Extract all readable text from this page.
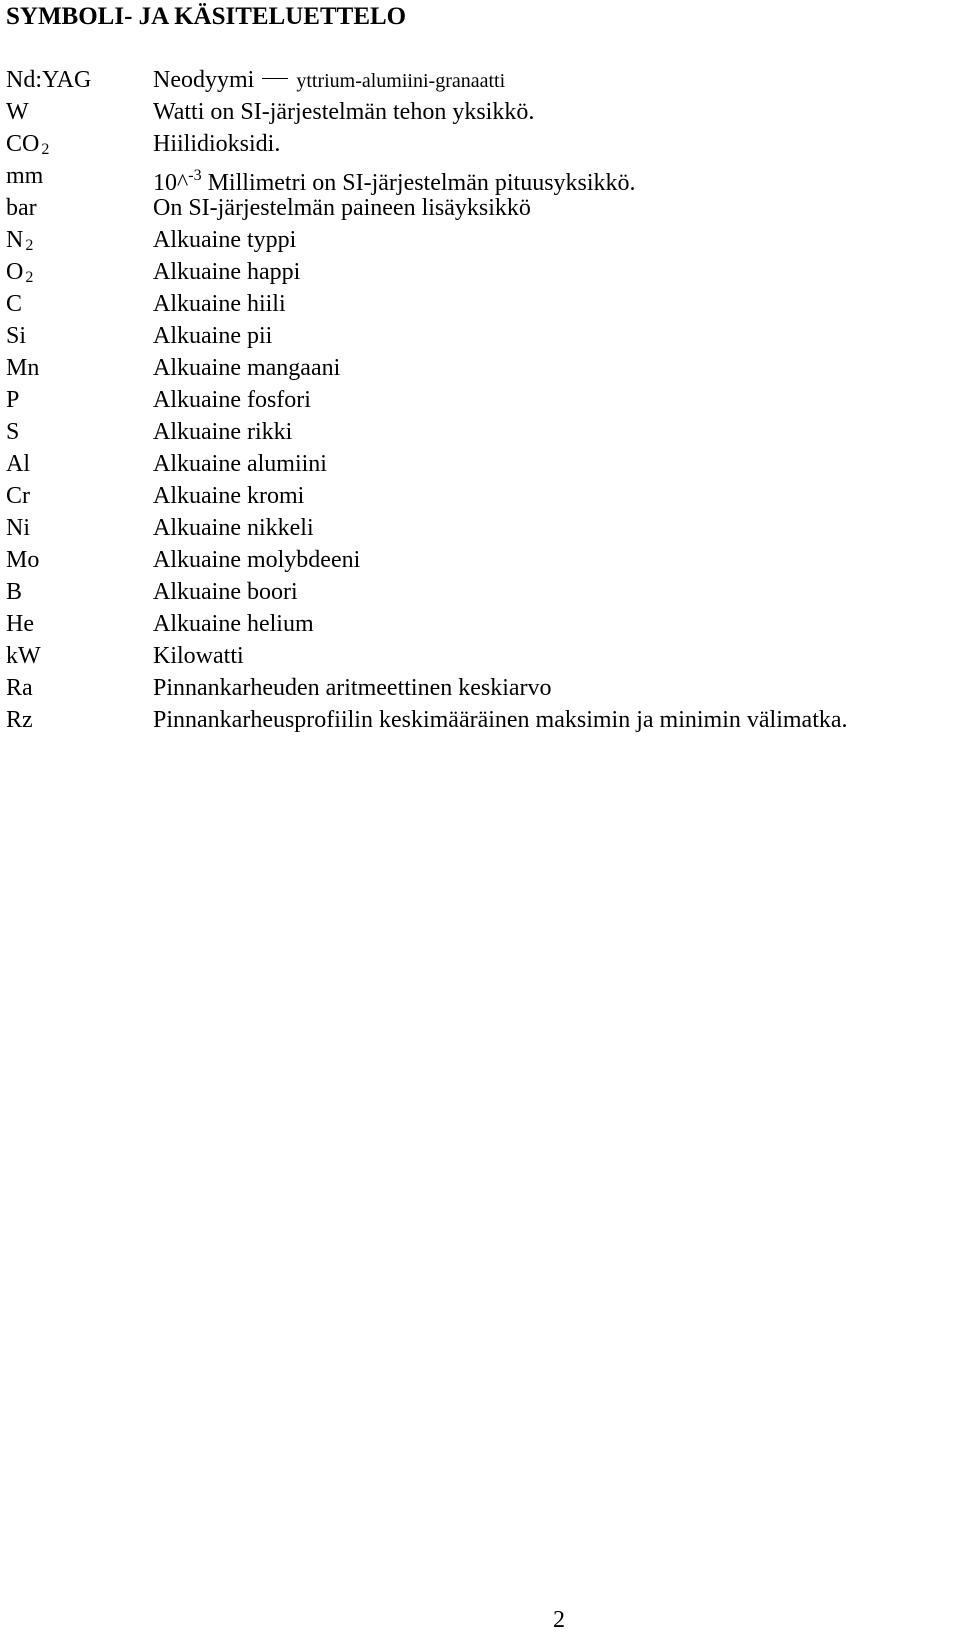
SYMBOLI- JA KÄSITELUETTELO
Nd:YAG	Neodyymi yttrium-alumiini-granaatti
W	Watti on SI-järjestelmän tehon yksikkö.
CO 2	Hiilidioksidi.
mm	10^$^{-3}$ Millimetri on SI-järjestelmän pituusyksikkö.
bar	On SI-järjestelmän paineen lisäyksikkö
N 2	Alkuaine typpi
O 2	Alkuaine happi
C	Alkuaine hiili
Si	Alkuaine pii
Mn	Alkuaine mangaani
P	Alkuaine fosfori
S	Alkuaine rikki
Al	Alkuaine alumiini
Cr	Alkuaine kromi
Ni	Alkuaine nikkeli
Mo	Alkuaine molybdeeni
B	Alkuaine boori
He	Alkuaine helium
kW	Kilowatti
Ra	Pinnankarheuden aritmeettinen keskiarvo
Rz	Pinnankarheusprofiilin keskimääräinen maksimin ja minimin välimatka.
2
